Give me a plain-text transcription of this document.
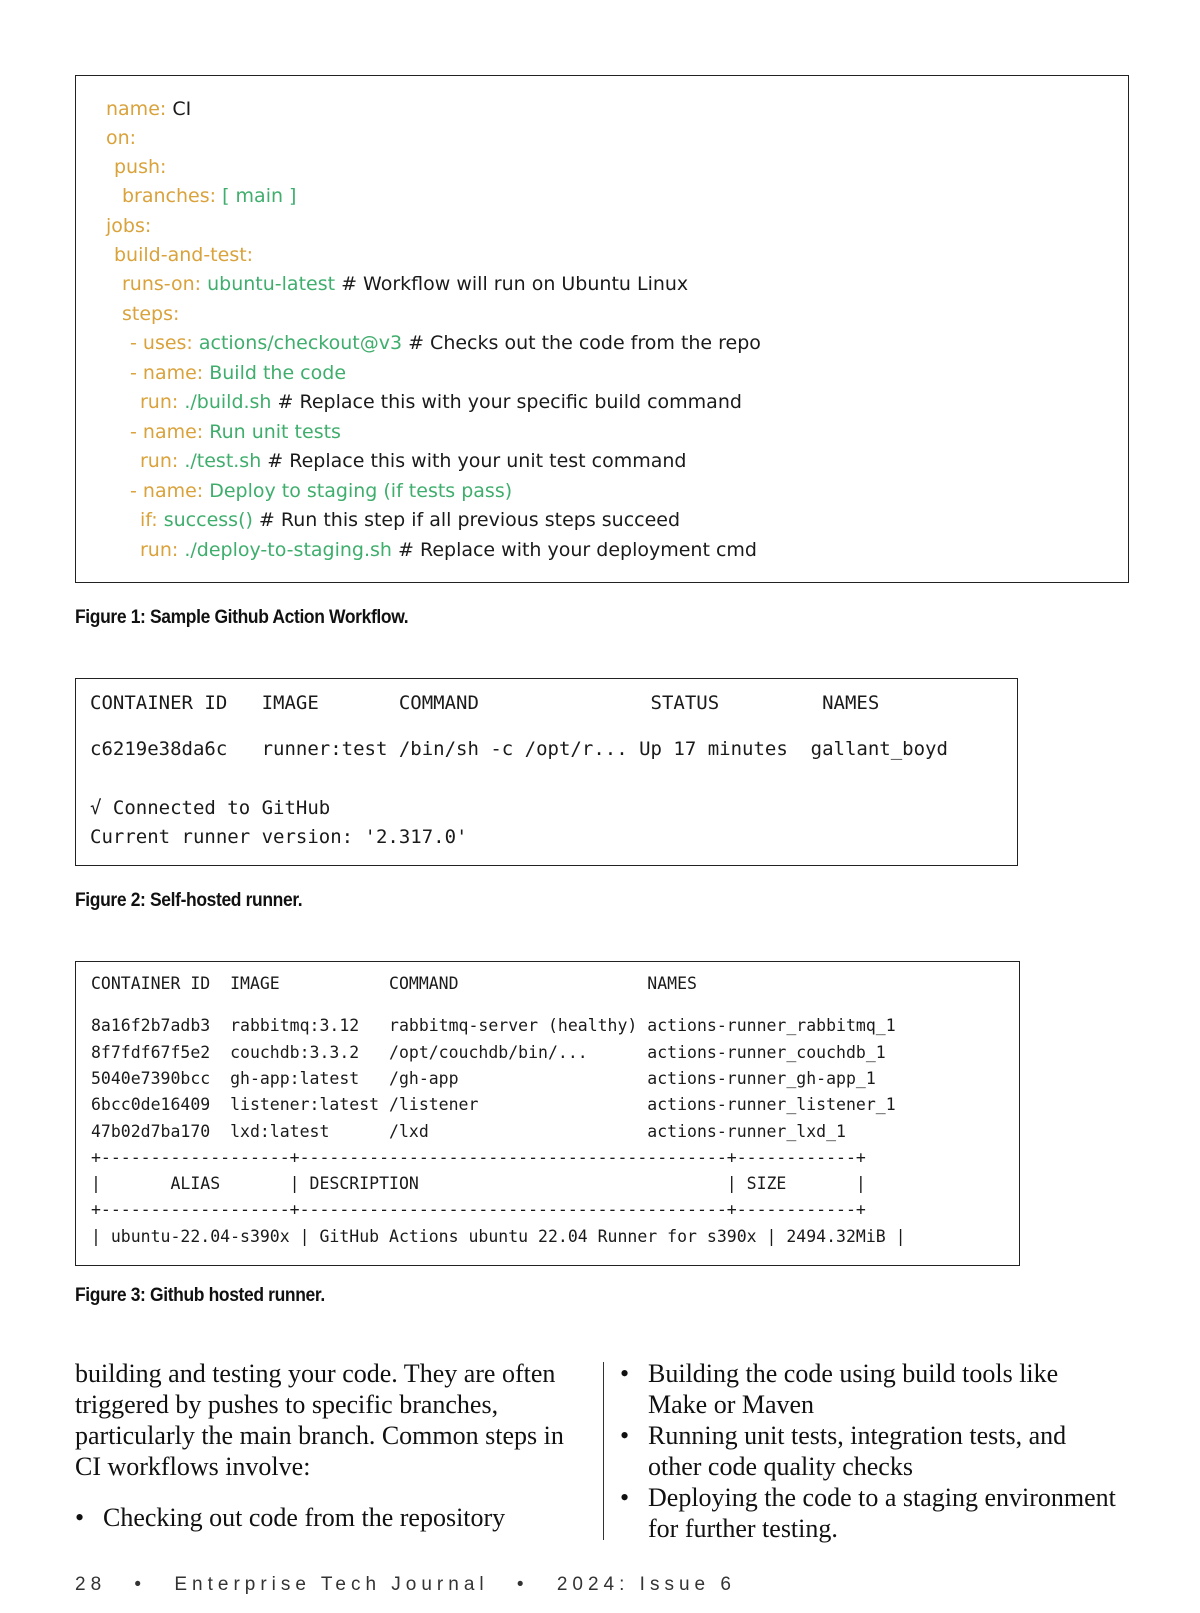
name: CI
on:
push:
branches: [ main ]
jobs:
build-and-test:
runs-on: ubuntu-latest # Workflow will run on Ubuntu Linux
steps:
- uses: actions/checkout@v3 # Checks out the code from the repo
- name: Build the code
run: ./build.sh # Replace this with your specific build command
- name: Run unit tests
run: ./test.sh # Replace this with your unit test command
- name: Deploy to staging (if tests pass)
if: success() # Run this step if all previous steps succeed
run: ./deploy-to-staging.sh # Replace with your deployment cmd
Figure 1: Sample Github Action Workflow.
CONTAINER ID   IMAGE       COMMAND               STATUS         NAMES
c6219e38da6c   runner:test /bin/sh -c /opt/r... Up 17 minutes  gallant_boyd
√ Connected to GitHub
Current runner version: '2.317.0'
Figure 2: Self-hosted runner.
CONTAINER ID  IMAGE           COMMAND                   NAMES
8a16f2b7adb3  rabbitmq:3.12   rabbitmq-server (healthy) actions-runner_rabbitmq_1
8f7fdf67f5e2  couchdb:3.3.2   /opt/couchdb/bin/...      actions-runner_couchdb_1
5040e7390bcc  gh-app:latest   /gh-app                   actions-runner_gh-app_1
6bcc0de16409  listener:latest /listener                 actions-runner_listener_1
47b02d7ba170  lxd:latest      /lxd                      actions-runner_lxd_1
+-------------------+-------------------------------------------+------------+
|       ALIAS       | DESCRIPTION                               | SIZE       |
+-------------------+-------------------------------------------+------------+
| ubuntu-22.04-s390x | GitHub Actions ubuntu 22.04 Runner for s390x | 2494.32MiB |
Figure 3: Github hosted runner.

building and testing your code. They are often triggered by pushes to specific branches, particularly the main branch. Common steps in CI workflows involve:

• Checking out code from the repository
• Building the code using build tools like Make or Maven
• Running unit tests, integration tests, and other code quality checks
• Deploying the code to a staging environment for further testing.
28 • Enterprise Tech Journal • 2024: Issue 6
